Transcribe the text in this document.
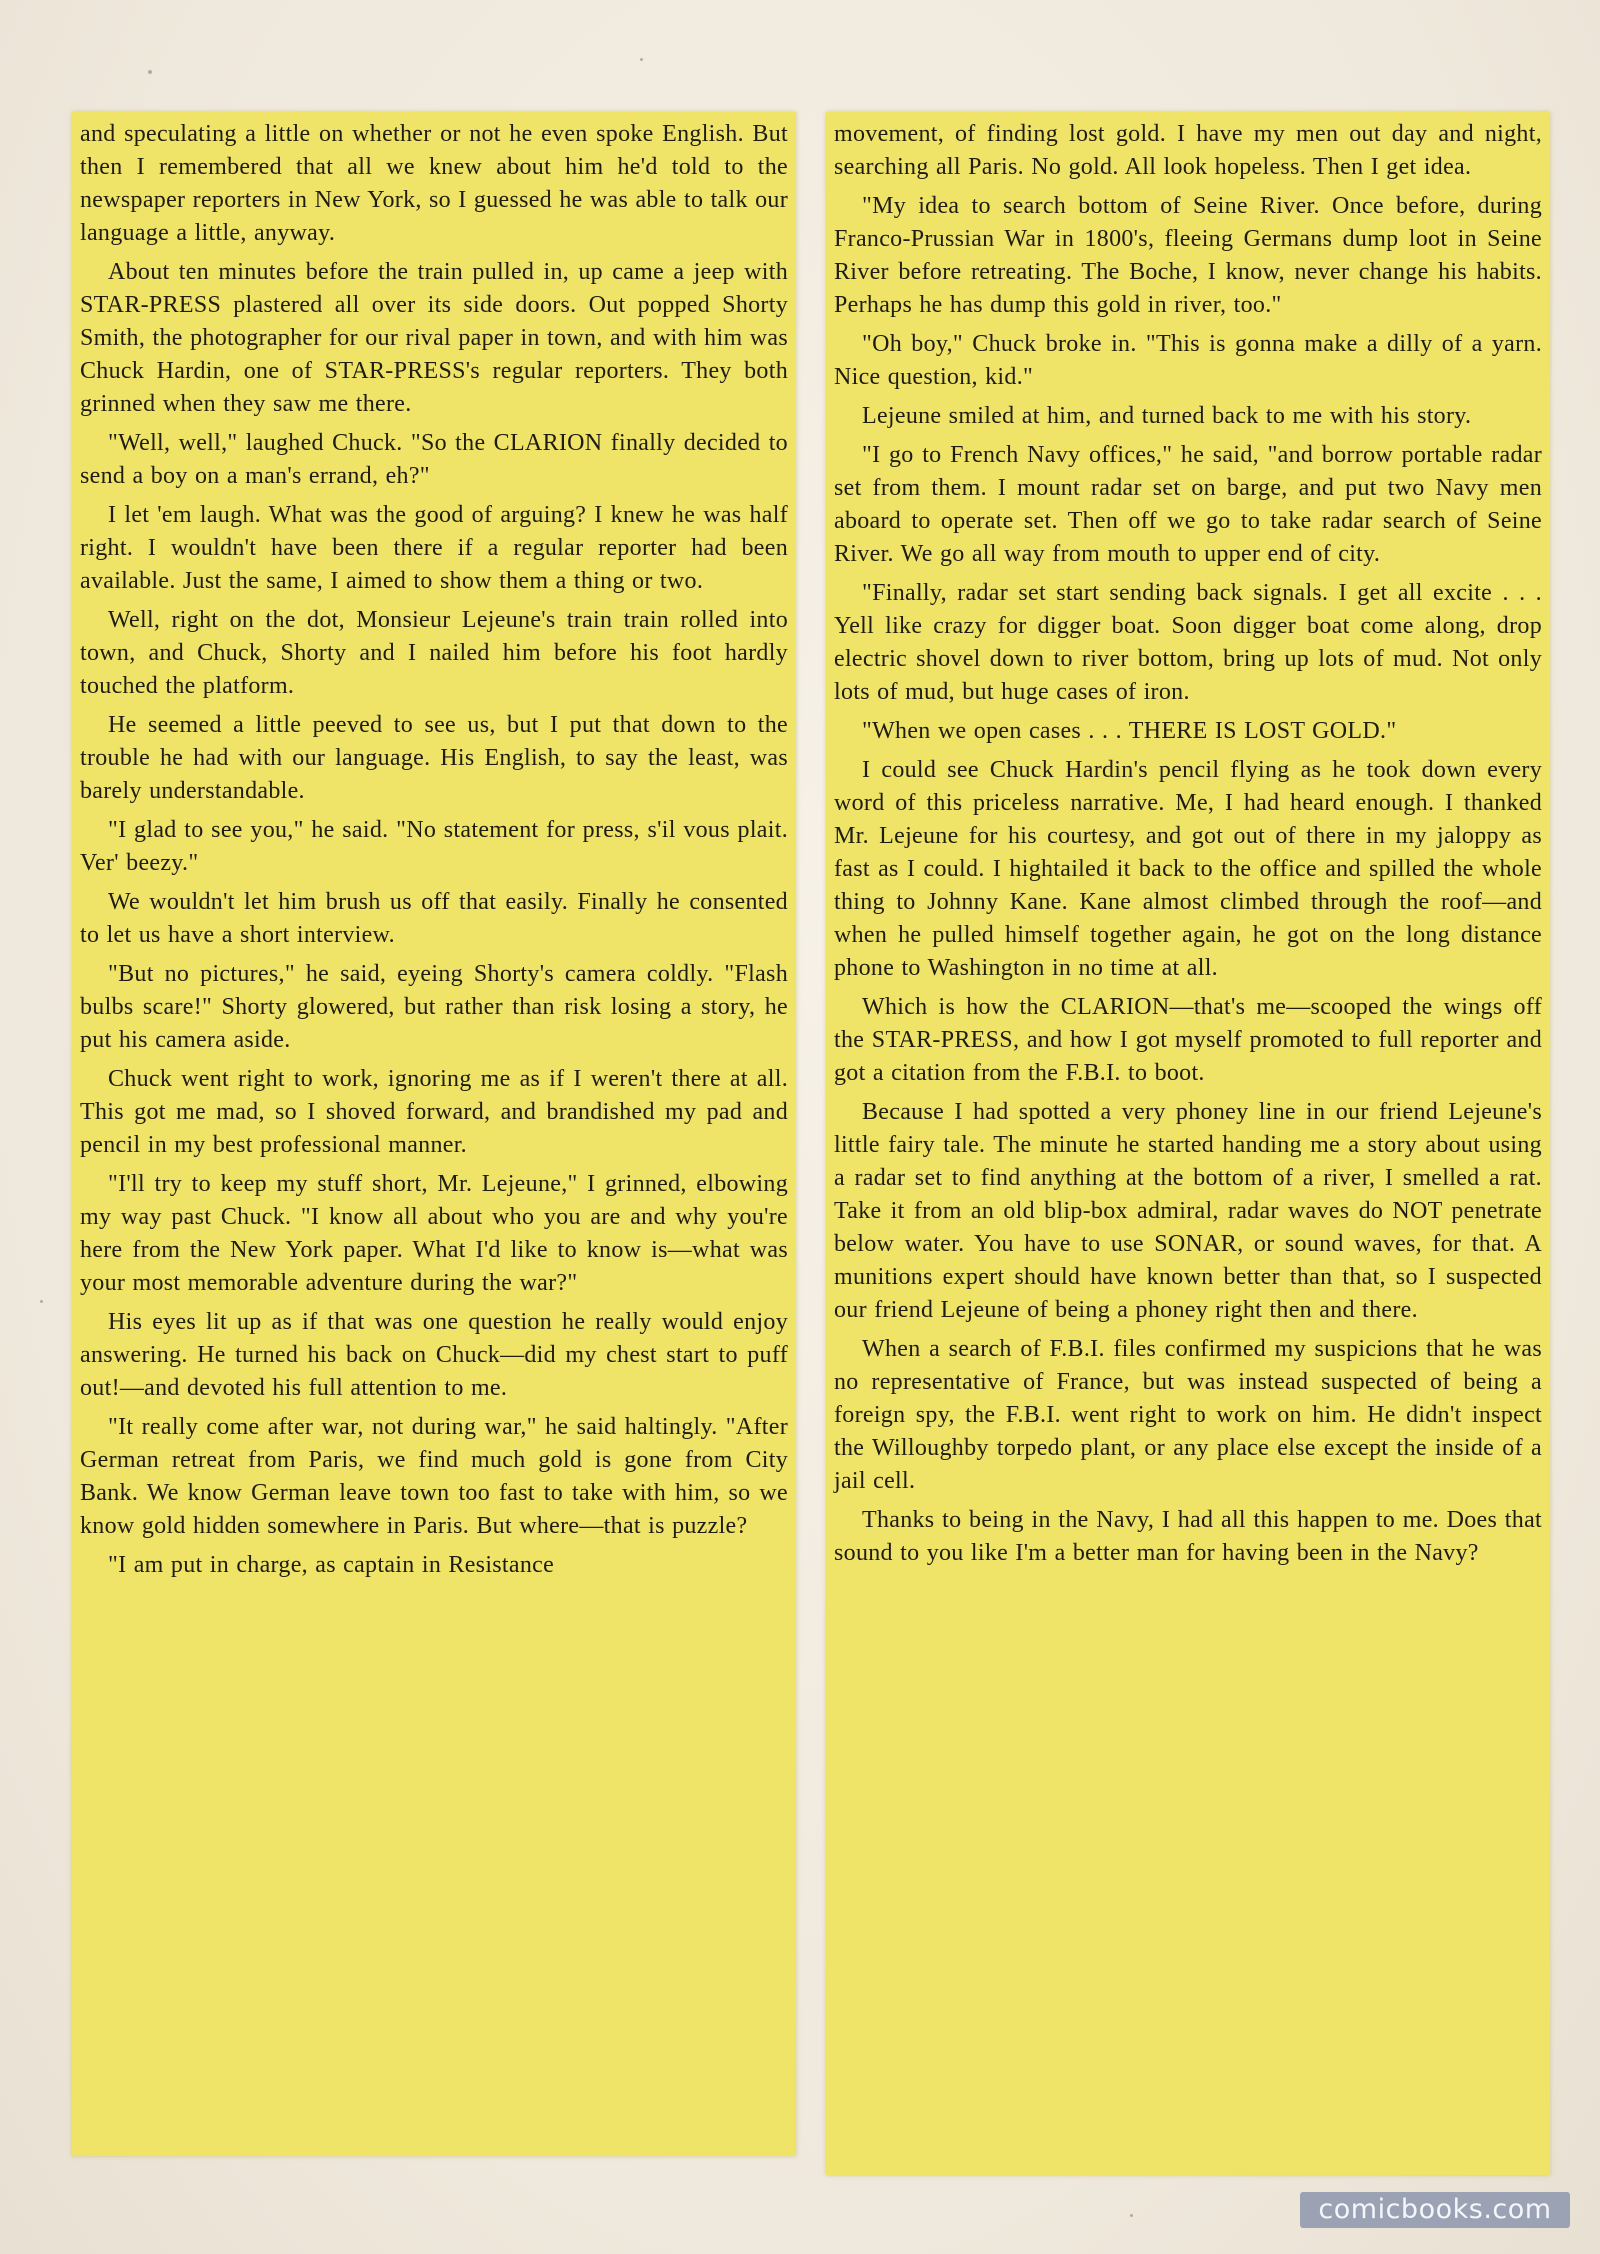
and speculating a little on whether or not he even spoke English. But then I remembered that all we knew about him he'd told to the newspaper reporters in New York, so I guessed he was able to talk our language a little, anyway.

About ten minutes before the train pulled in, up came a jeep with STAR-PRESS plastered all over its side doors. Out popped Shorty Smith, the photographer for our rival paper in town, and with him was Chuck Hardin, one of STAR-PRESS's regular reporters. They both grinned when they saw me there.

"Well, well," laughed Chuck. "So the CLARION finally decided to send a boy on a man's errand, eh?"

I let 'em laugh. What was the good of arguing? I knew he was half right. I wouldn't have been there if a regular reporter had been available. Just the same, I aimed to show them a thing or two.

Well, right on the dot, Monsieur Lejeune's train train rolled into town, and Chuck, Shorty and I nailed him before his foot hardly touched the platform.

He seemed a little peeved to see us, but I put that down to the trouble he had with our language. His English, to say the least, was barely understandable.

"I glad to see you," he said. "No statement for press, s'il vous plait. Ver' beezy."

We wouldn't let him brush us off that easily. Finally he consented to let us have a short interview.

"But no pictures," he said, eyeing Shorty's camera coldly. "Flash bulbs scare!" Shorty glowered, but rather than risk losing a story, he put his camera aside.

Chuck went right to work, ignoring me as if I weren't there at all. This got me mad, so I shoved forward, and brandished my pad and pencil in my best professional manner.

"I'll try to keep my stuff short, Mr. Lejeune," I grinned, elbowing my way past Chuck. "I know all about who you are and why you're here from the New York paper. What I'd like to know is—what was your most memorable adventure during the war?"

His eyes lit up as if that was one question he really would enjoy answering. He turned his back on Chuck—did my chest start to puff out!—and devoted his full attention to me.

"It really come after war, not during war," he said haltingly. "After German retreat from Paris, we find much gold is gone from City Bank. We know German leave town too fast to take with him, so we know gold hidden somewhere in Paris. But where—that is puzzle?

"I am put in charge, as captain in Resistance

movement, of finding lost gold. I have my men out day and night, searching all Paris. No gold. All look hopeless. Then I get idea.

"My idea to search bottom of Seine River. Once before, during Franco-Prussian War in 1800's, fleeing Germans dump loot in Seine River before retreating. The Boche, I know, never change his habits. Perhaps he has dump this gold in river, too."

"Oh boy," Chuck broke in. "This is gonna make a dilly of a yarn. Nice question, kid."

Lejeune smiled at him, and turned back to me with his story.

"I go to French Navy offices," he said, "and borrow portable radar set from them. I mount radar set on barge, and put two Navy men aboard to operate set. Then off we go to take radar search of Seine River. We go all way from mouth to upper end of city.

"Finally, radar set start sending back signals. I get all excite . . . Yell like crazy for digger boat. Soon digger boat come along, drop electric shovel down to river bottom, bring up lots of mud. Not only lots of mud, but huge cases of iron.

"When we open cases . . . THERE IS LOST GOLD."

I could see Chuck Hardin's pencil flying as he took down every word of this priceless narrative. Me, I had heard enough. I thanked Mr. Lejeune for his courtesy, and got out of there in my jaloppy as fast as I could. I hightailed it back to the office and spilled the whole thing to Johnny Kane. Kane almost climbed through the roof—and when he pulled himself together again, he got on the long distance phone to Washington in no time at all.

Which is how the CLARION—that's me—scooped the wings off the STAR-PRESS, and how I got myself promoted to full reporter and got a citation from the F.B.I. to boot.

Because I had spotted a very phoney line in our friend Lejeune's little fairy tale. The minute he started handing me a story about using a radar set to find anything at the bottom of a river, I smelled a rat. Take it from an old blip-box admiral, radar waves do NOT penetrate below water. You have to use SONAR, or sound waves, for that. A munitions expert should have known better than that, so I suspected our friend Lejeune of being a phoney right then and there.

When a search of F.B.I. files confirmed my suspicions that he was no representative of France, but was instead suspected of being a foreign spy, the F.B.I. went right to work on him. He didn't inspect the Willoughby torpedo plant, or any place else except the inside of a jail cell.

Thanks to being in the Navy, I had all this happen to me. Does that sound to you like I'm a better man for having been in the Navy?

comicbooks.com
